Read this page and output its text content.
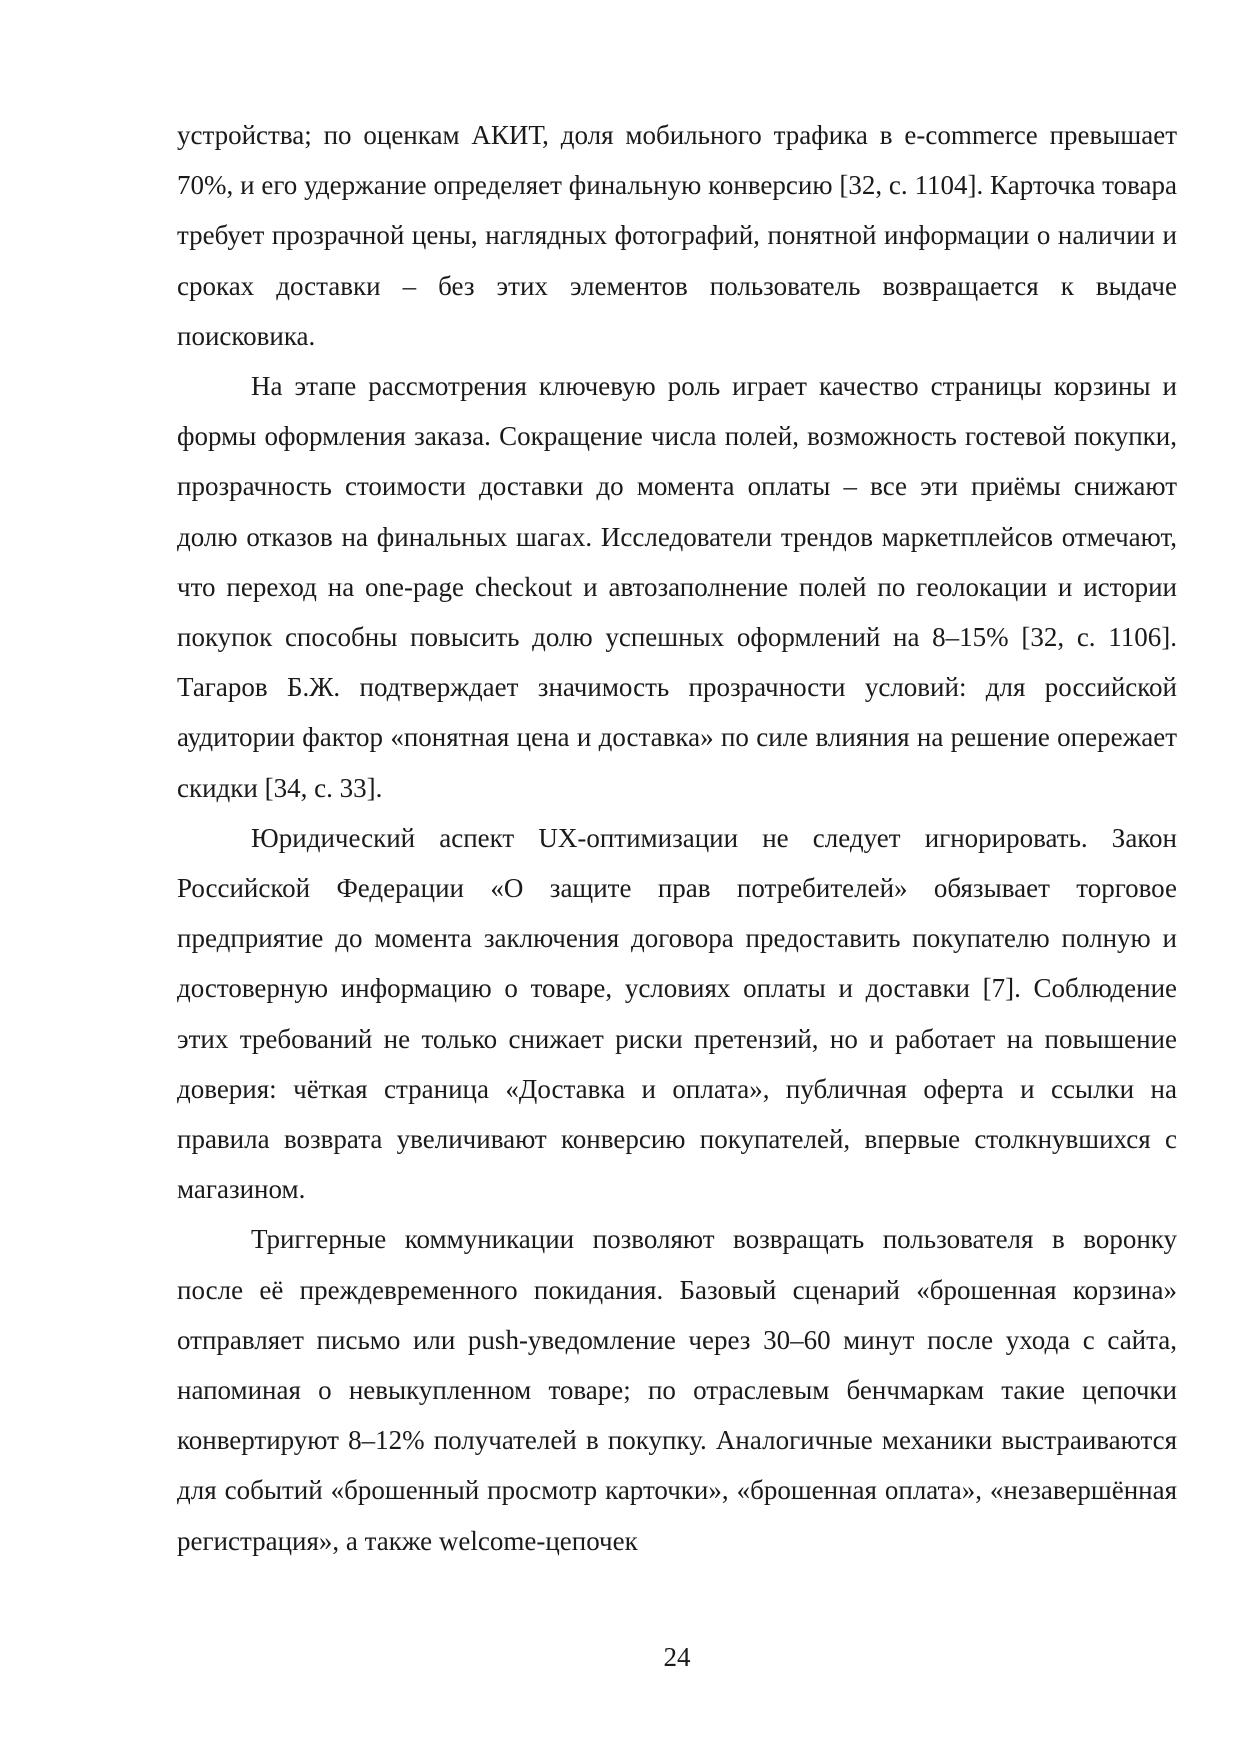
устройства; по оценкам АКИТ, доля мобильного трафика в e-commerce превышает 70%, и его удержание определяет финальную конверсию [32, с. 1104]. Карточка товара требует прозрачной цены, наглядных фотографий, понятной информации о наличии и сроках доставки – без этих элементов пользователь возвращается к выдаче поисковика.

На этапе рассмотрения ключевую роль играет качество страницы корзины и формы оформления заказа. Сокращение числа полей, возможность гостевой покупки, прозрачность стоимости доставки до момента оплаты – все эти приёмы снижают долю отказов на финальных шагах. Исследователи трендов маркетплейсов отмечают, что переход на one-page checkout и автозаполнение полей по геолокации и истории покупок способны повысить долю успешных оформлений на 8–15% [32, с. 1106]. Тагаров Б.Ж. подтверждает значимость прозрачности условий: для российской аудитории фактор «понятная цена и доставка» по силе влияния на решение опережает скидки [34, с. 33].

Юридический аспект UX-оптимизации не следует игнорировать. Закон Российской Федерации «О защите прав потребителей» обязывает торговое предприятие до момента заключения договора предоставить покупателю полную и достоверную информацию о товаре, условиях оплаты и доставки [7]. Соблюдение этих требований не только снижает риски претензий, но и работает на повышение доверия: чёткая страница «Доставка и оплата», публичная оферта и ссылки на правила возврата увеличивают конверсию покупателей, впервые столкнувшихся с магазином.

Триггерные коммуникации позволяют возвращать пользователя в воронку после её преждевременного покидания. Базовый сценарий «брошенная корзина» отправляет письмо или push-уведомление через 30–60 минут после ухода с сайта, напоминая о невыкупленном товаре; по отраслевым бенчмаркам такие цепочки конвертируют 8–12% получателей в покупку. Аналогичные механики выстраиваются для событий «брошенный просмотр карточки», «брошенная оплата», «незавершённая регистрация», а также welcome-цепочек

24
